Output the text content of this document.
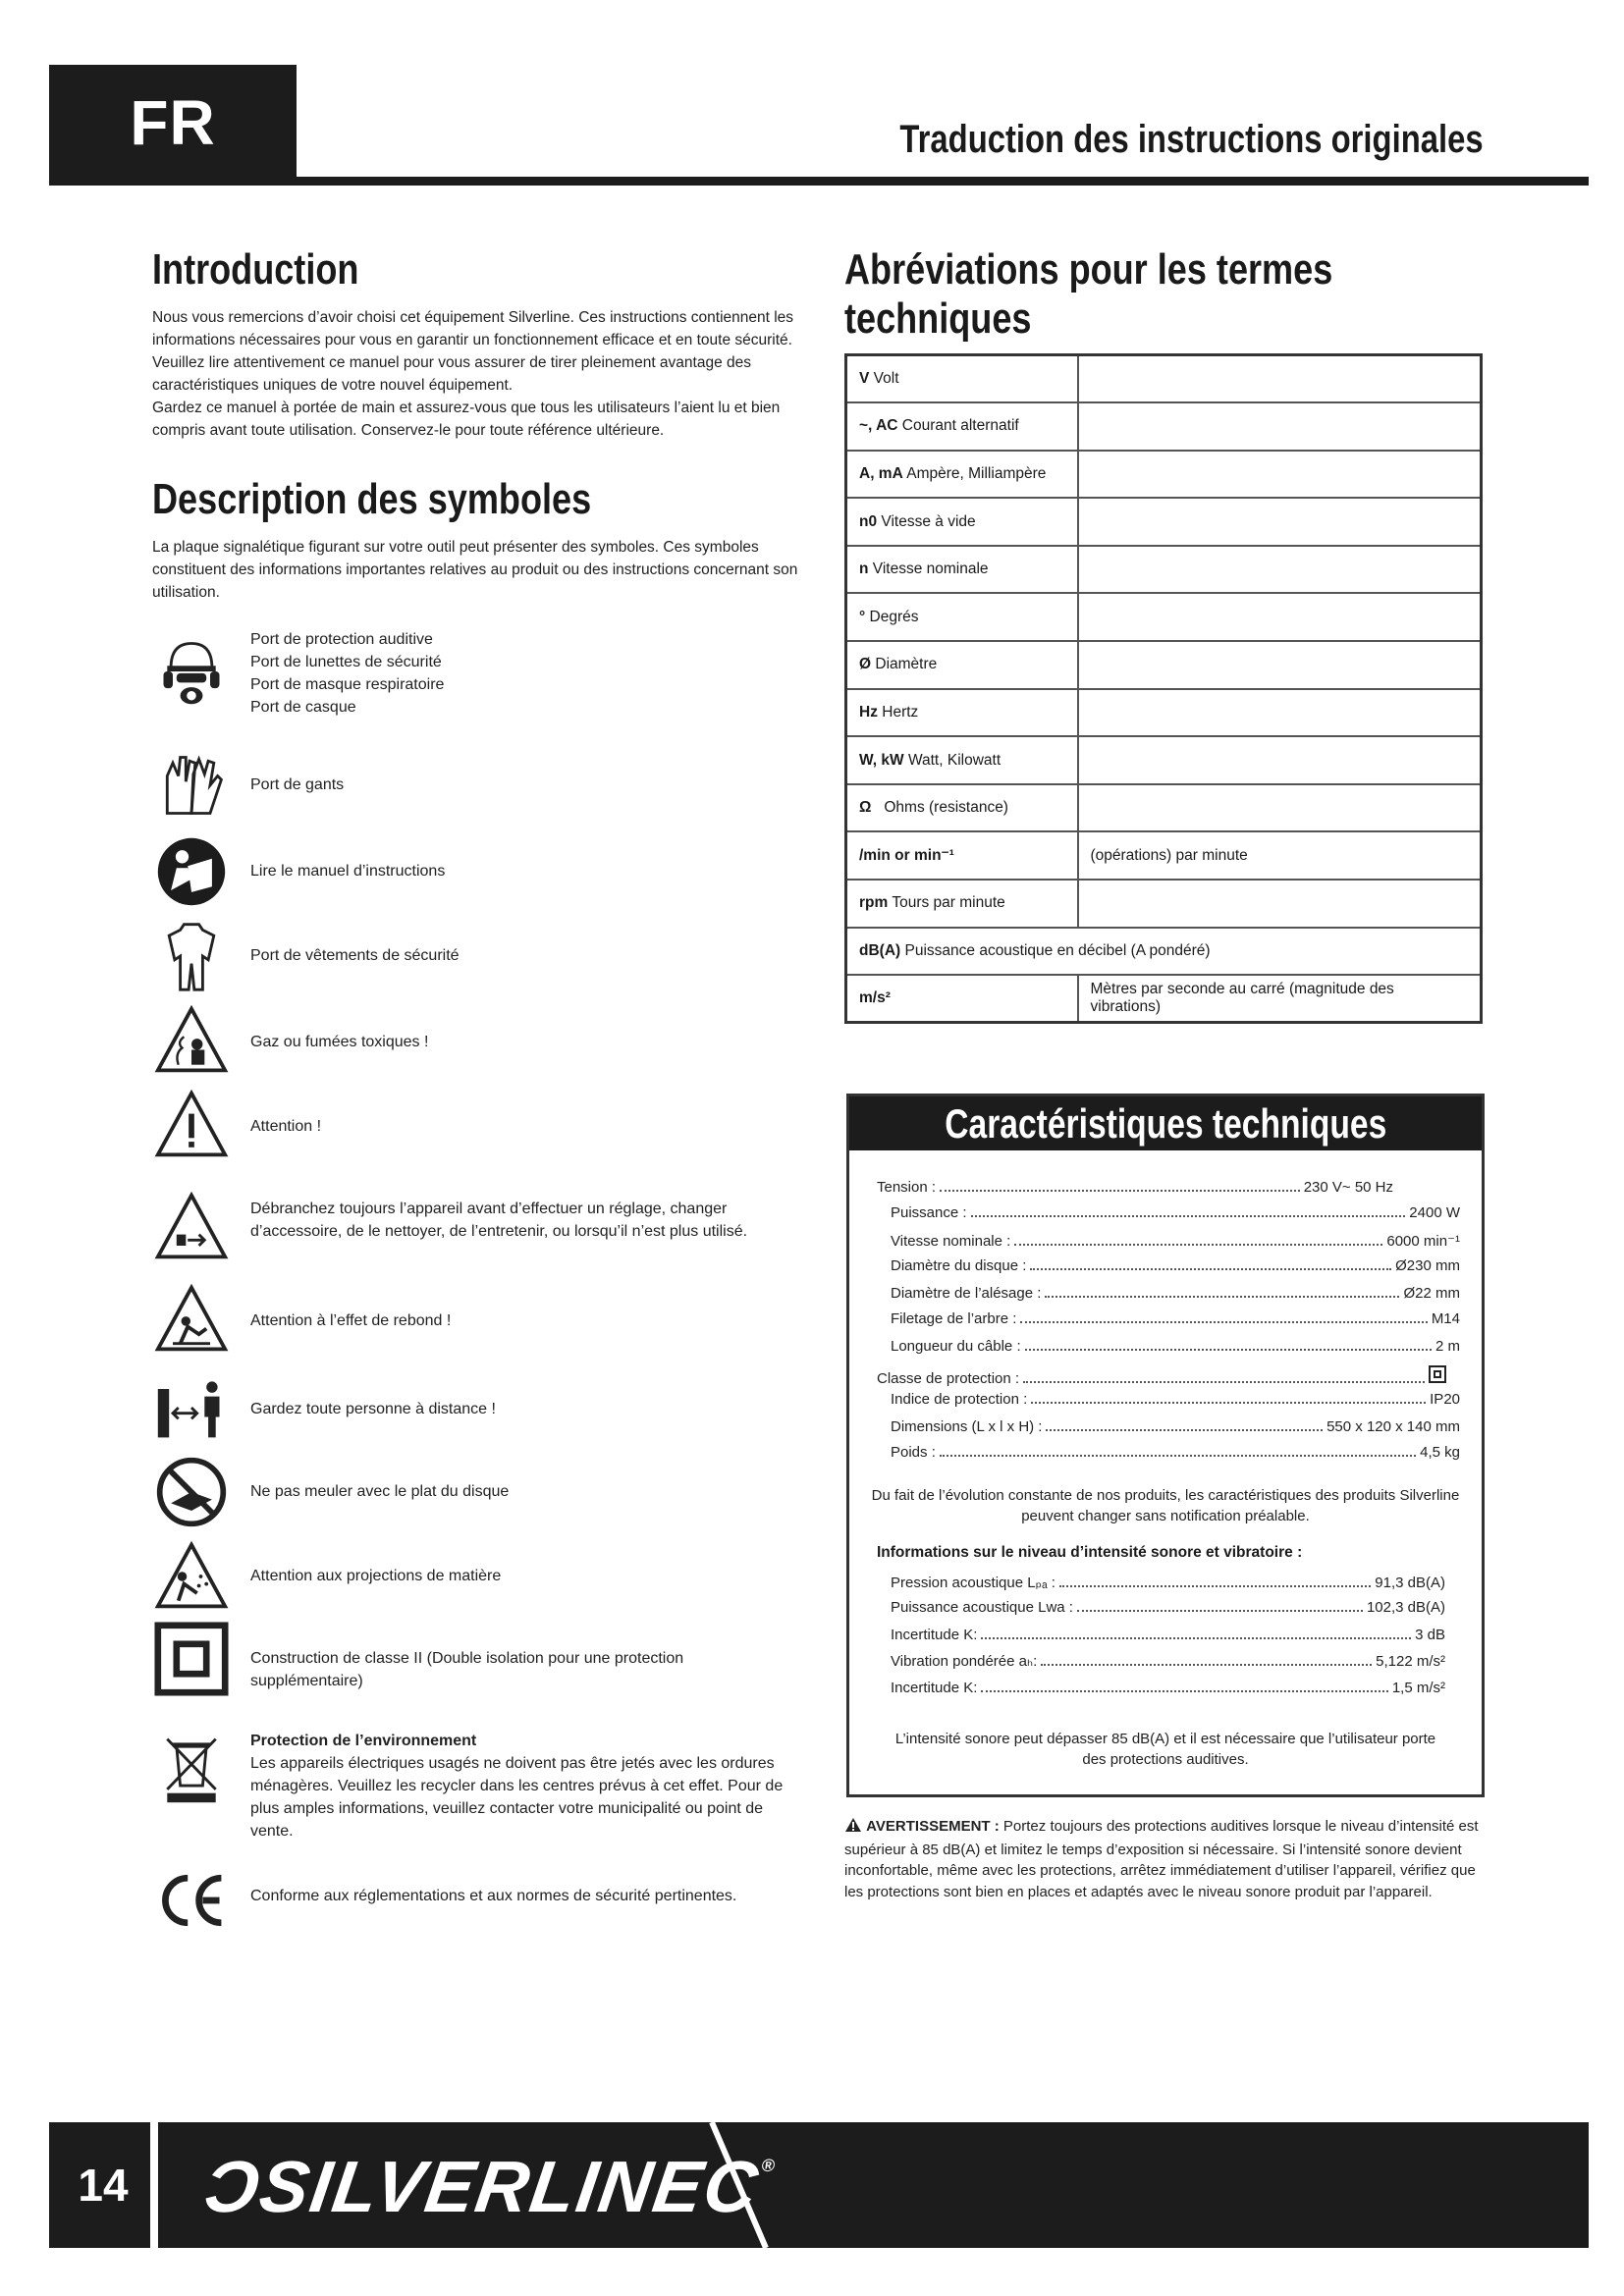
FR	Traduction des instructions originales
Introduction

Nous vous remercions d’avoir choisi cet équipement Silverline. Ces instructions contiennent les informations nécessaires pour vous en garantir un fonctionnement efficace et en toute sécurité. Veuillez lire attentivement ce manuel pour vous assurer de tirer pleinement avantage des caractéristiques uniques de votre nouvel équipement.

Gardez ce manuel à portée de main et assurez-vous que tous les utilisateurs l’aient lu et bien compris avant toute utilisation. Conservez-le pour toute référence ultérieure.

Description des symboles

La plaque signalétique figurant sur votre outil peut présenter des symboles. Ces symboles constituent des informations importantes relatives au produit ou des instructions concernant son utilisation.

Port de protection auditive
Port de lunettes de sécurité
Port de masque respiratoire
Port de casque
Port de gants
Lire le manuel d’instructions
Port de vêtements de sécurité
Gaz ou fumées toxiques !
Attention !
Débranchez toujours l’appareil avant d’effectuer un réglage, changer d’accessoire, de le nettoyer, de l’entretenir, ou lorsqu’il n’est plus utilisé.
Attention à l’effet de rebond !
Gardez toute personne à distance !
Ne pas meuler avec le plat du disque
Attention aux projections de matière
Construction de classe II (Double isolation pour une protection supplémentaire)
Protection de l’environnement
Les appareils électriques usagés ne doivent pas être jetés avec les ordures ménagères. Veuillez les recycler dans les centres prévus à cet effet. Pour de plus amples informations, veuillez contacter votre municipalité ou point de vente.
Conforme aux réglementations et aux normes de sécurité pertinentes.
Abréviations pour les termes techniques
V Volt	
~, AC Courant alternatif	
A, mA Ampère, Milliampère	
n0 Vitesse à vide	
n Vitesse nominale	
° Degrés	
Ø Diamètre	
Hz Hertz	
W, kW Watt, Kilowatt	
Ω Ohms (resistance)	
/min or min⁻¹	(opérations) par minute
rpm Tours par minute	
dB(A) Puissance acoustique en décibel (A pondéré)	
m/s²	Mètres par seconde au carré (magnitude des vibrations)
Caractéristiques techniques
Tension :	230 V~ 50 Hz
Puissance :	2400 W
Vitesse nominale :	6000 min⁻¹
Diamètre du disque :	Ø230 mm
Diamètre de l’alésage :	Ø22 mm
Filetage de l’arbre :	M14
Longueur du câble :	2 m
Classe de protection :
Indice de protection :	IP20
Dimensions (L x l x H) :	550 x 120 x 140 mm
Poids :	4,5 kg
Du fait de l’évolution constante de nos produits, les caractéristiques des produits Silverline peuvent changer sans notification préalable.
Informations sur le niveau d’intensité sonore et vibratoire :
Pression acoustique Lₚₐ :	91,3 dB(A)
Puissance acoustique Lwa :	102,3 dB(A)
Incertitude K:	3 dB
Vibration pondérée aₕ:	5,122 m/s²
Incertitude K:	1,5 m/s²
L’intensité sonore peut dépasser 85 dB(A) et il est nécessaire que l’utilisateur porte des protections auditives.
AVERTISSEMENT : Portez toujours des protections auditives lorsque le niveau d’intensité est supérieur à 85 dB(A) et limitez le temps d’exposition si nécessaire. Si l’intensité sonore devient inconfortable, même avec les protections, arrêtez immédiatement d’utiliser l’appareil, vérifiez que les protections sont bien en places et adaptés avec le niveau sonore produit par l’appareil.
14 Ɔ
SILVERLINE
C
®
